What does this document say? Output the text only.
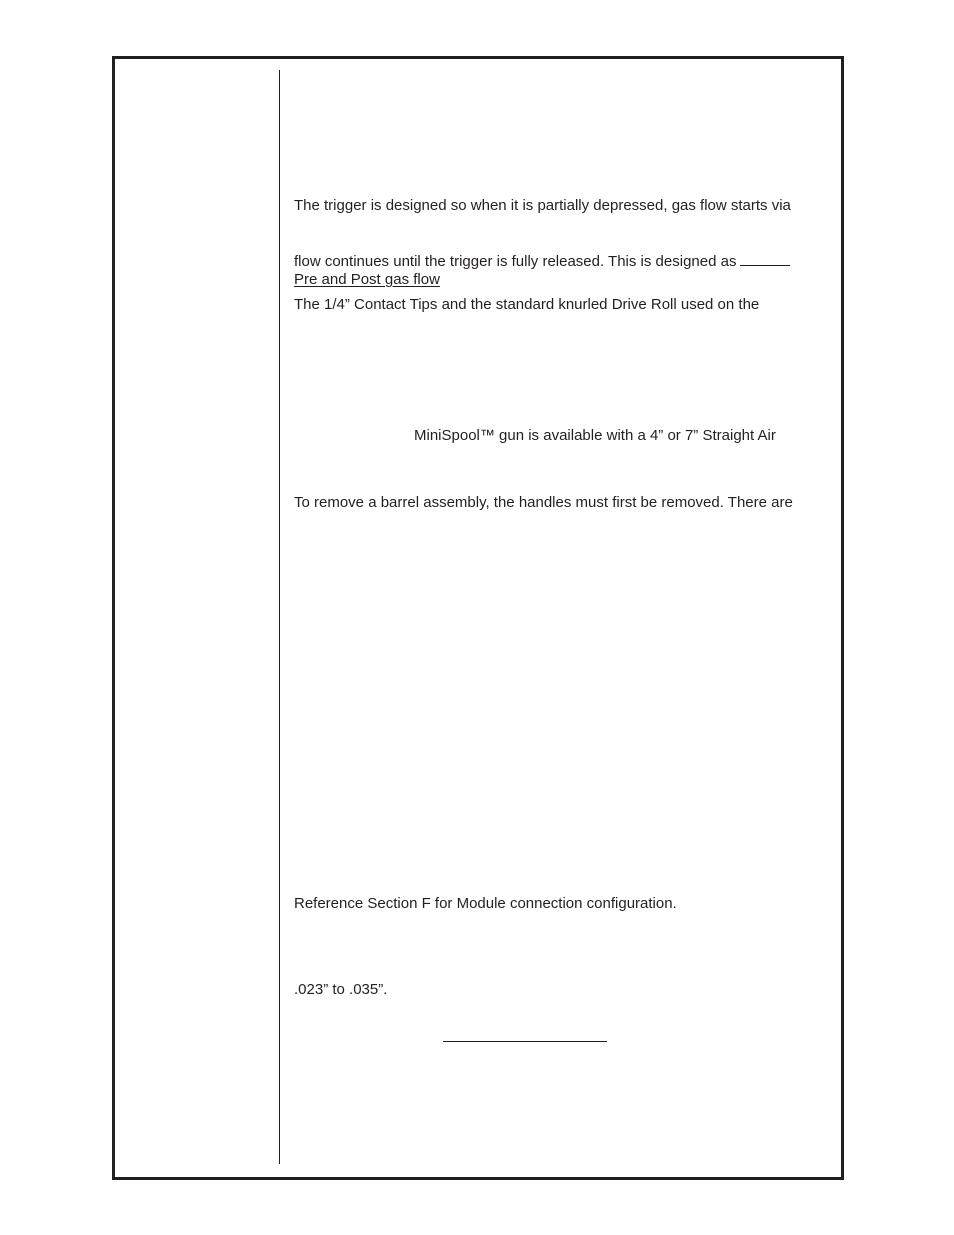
The trigger is designed so when it is partially depressed, gas flow starts via

flow continues until the trigger is fully released. This is designed as

Pre and Post gas flow

The 1/4” Contact Tips and the standard knurled Drive Roll used on the

MiniSpool™ gun is available with a 4” or 7” Straight Air

To remove a barrel assembly, the handles must first be removed. There are

Reference Section F for Module connection configuration.

.023” to .035”.
